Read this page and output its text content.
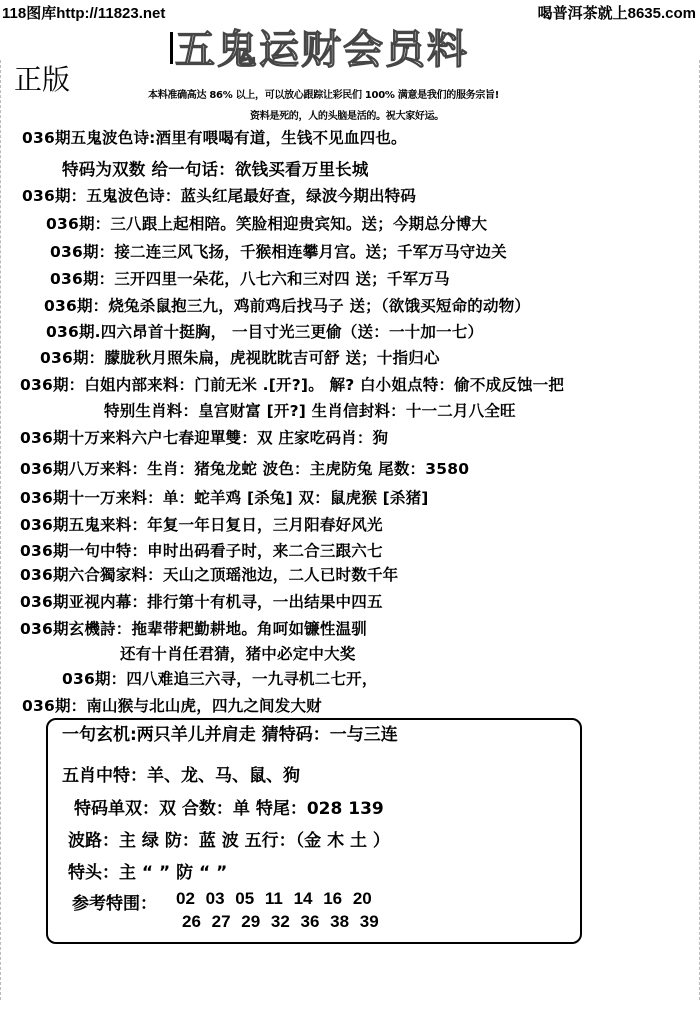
118图库http://11823.net	喝普洱茶就上8635.com
五鬼运财会员料
正版	本料准确高达 86% 以上，可以放心跟踪让彩民们 100% 满意是我们的服务宗旨!
资料是死的，人的头脑是活的。祝大家好运。
036期五鬼波色诗:酒里有喂喝有道，生钱不见血四也。
特码为双数 给一句话：欲钱买看万里长城
036期：五鬼波色诗：蓝头红尾最好查，绿波今期出特码
036期：三八跟上起相陪。笑脸相迎贵宾知。送；今期总分博大
036期：接二连三风飞扬，千猴相连攀月宫。送；千军万马守边关
036期：三开四里一朵花，八七六和三对四 送；千军万马
036期：烧兔杀鼠抱三九，鸡前鸡后找马子 送；（欲饿买短命的动物）
036期.四六昂首十挺胸， 一目寸光三更偷（送：一十加一七）
036期：朦胧秋月照朱扁，虎视眈眈吉可舒 送；十指归心
036期：白姐内部来料：门前无米 .[开?]。 解? 白小姐点特：偷不成反蚀一把
特别生肖料：皇宫财富 [开?] 生肖信封料：十一二月八全旺
036期十万来料六户七春迎單雙：双 庄家吃码肖：狗
036期八万来料：生肖：猪兔龙蛇 波色：主虎防兔 尾数：3580
036期十一万来料：单：蛇羊鸡 [杀兔] 双：鼠虎猴 [杀猪]
036期五鬼来料：年复一年日复日，三月阳春好风光
036期一句中特：申时出码看子时，来二合三跟六七
036期六合獨家料：天山之顶瑶池边，二人已时数千年
036期亚视内幕：排行第十有机寻，一出结果中四五
036期玄機詩：拖辈带耙勤耕地。角呵如镰性温驯
还有十肖任君猜，猪中必定中大奖
036期：四八难追三六寻，一九寻机二七开，
036期：南山猴与北山虎，四九之间发大财
一句玄机:两只羊儿并肩走 猜特码：一与三连
五肖中特：羊、龙、马、鼠、狗
特码单双：双 合数：单 特尾：028 139
波路：主 绿 防：蓝 波 五行：（金 木 土 ）
特头：主 “ ” 防 “ ”
参考特围： 02 03 05 11 14 16 20
26 27 29 32 36 38 39
